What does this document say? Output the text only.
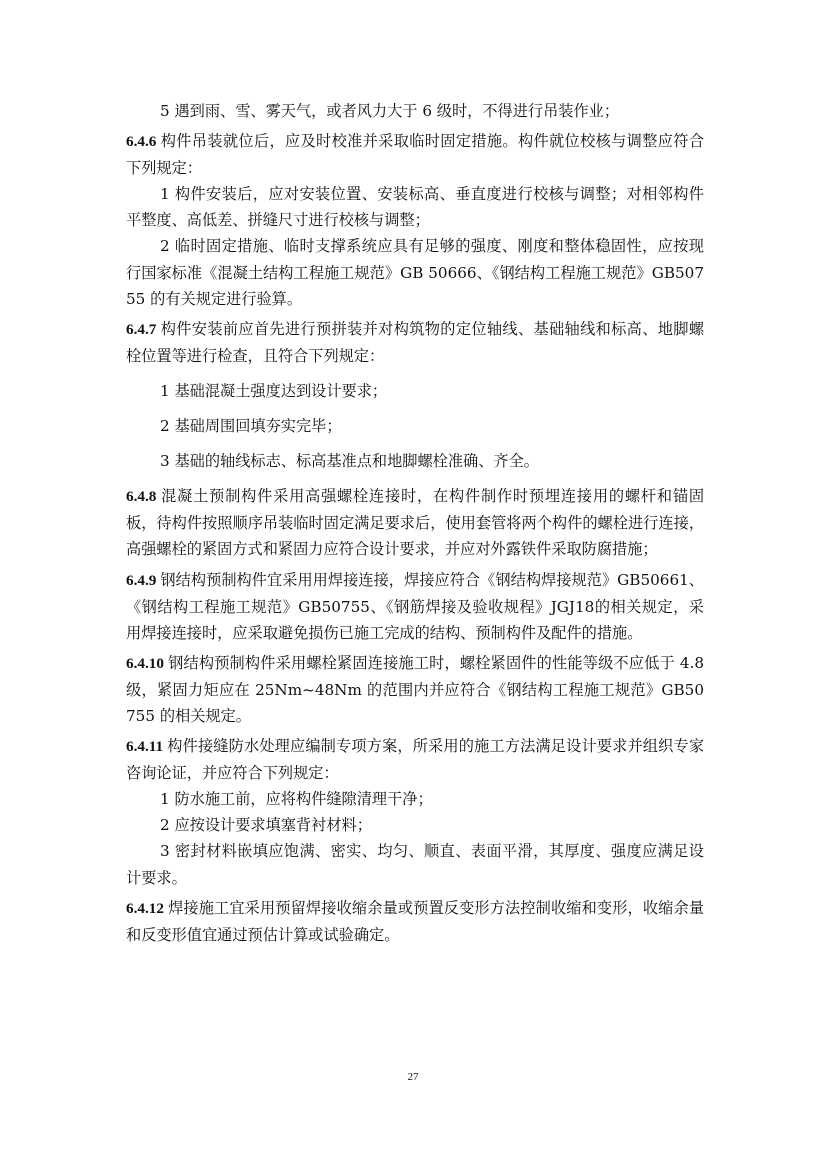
5 遇到雨、雪、雾天气，或者风力大于 6 级时，不得进行吊装作业；

6.4.6 构件吊装就位后，应及时校准并采取临时固定措施。构件就位校核与调整应符合下列规定：

1 构件安装后，应对安装位置、安装标高、垂直度进行校核与调整；对相邻构件平整度、高低差、拼缝尺寸进行校核与调整；

2 临时固定措施、临时支撑系统应具有足够的强度、刚度和整体稳固性，应按现行国家标准《混凝土结构工程施工规范》GB 50666、《钢结构工程施工规范》GB50755 的有关规定进行验算。

6.4.7 构件安装前应首先进行预拼装并对构筑物的定位轴线、基础轴线和标高、地脚螺栓位置等进行检查，且符合下列规定：

1 基础混凝土强度达到设计要求；

2 基础周围回填夯实完毕；

3 基础的轴线标志、标高基准点和地脚螺栓准确、齐全。

6.4.8 混凝土预制构件采用高强螺栓连接时，在构件制作时预埋连接用的螺杆和锚固板，待构件按照顺序吊装临时固定满足要求后，使用套管将两个构件的螺栓进行连接，高强螺栓的紧固方式和紧固力应符合设计要求，并应对外露铁件采取防腐措施；

6.4.9 钢结构预制构件宜采用用焊接连接，焊接应符合《钢结构焊接规范》GB50661、《钢结构工程施工规范》GB50755、《钢筋焊接及验收规程》JGJ18的相关规定，采用焊接连接时，应采取避免损伤已施工完成的结构、预制构件及配件的措施。

6.4.10 钢结构预制构件采用螺栓紧固连接施工时，螺栓紧固件的性能等级不应低于 4.8 级，紧固力矩应在 25Nm~48Nm 的范围内并应符合《钢结构工程施工规范》GB50755 的相关规定。

6.4.11 构件接缝防水处理应编制专项方案，所采用的施工方法满足设计要求并组织专家咨询论证，并应符合下列规定：

1 防水施工前，应将构件缝隙清理干净；

2 应按设计要求填塞背衬材料；

3 密封材料嵌填应饱满、密实、均匀、顺直、表面平滑，其厚度、强度应满足设计要求。

6.4.12 焊接施工宜采用预留焊接收缩余量或预置反变形方法控制收缩和变形，收缩余量和反变形值宜通过预估计算或试验确定。

27
